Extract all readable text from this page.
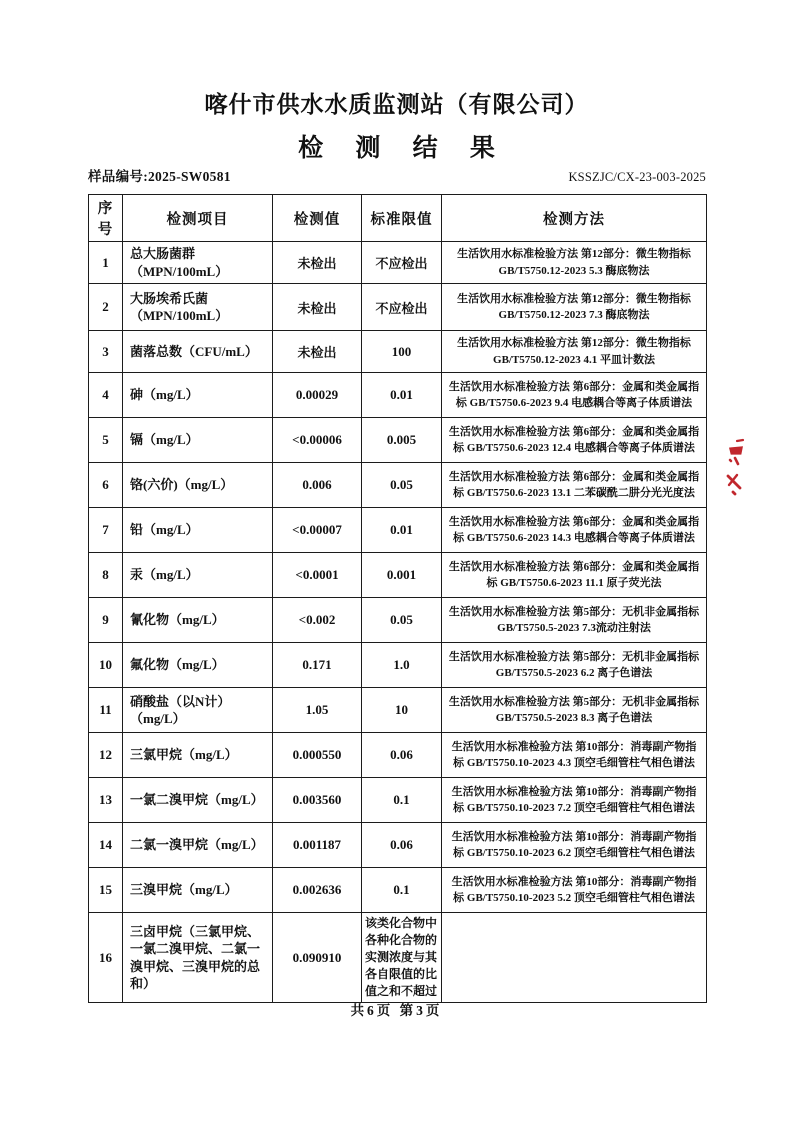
喀什市供水水质监测站（有限公司）
检 测 结 果
样品编号:2025-SW0581	KSSZJC/CX-23-003-2025
序号	检测项目	检测值	标准限值	检测方法
1	总大肠菌群（MPN/100mL）	未检出	不应检出	生活饮用水标准检验方法 第12部分：微生物指标 GB/T5750.12-2023 5.3 酶底物法
2	大肠埃希氏菌 （MPN/100mL）	未检出	不应检出	生活饮用水标准检验方法 第12部分：微生物指标 GB/T5750.12-2023 7.3 酶底物法
3	菌落总数（CFU/mL）	未检出	100	生活饮用水标准检验方法 第12部分：微生物指标GB/T5750.12-2023 4.1 平皿计数法
4	砷（mg/L）	0.00029	0.01	生活饮用水标准检验方法 第6部分：金属和类金属指标 GB/T5750.6-2023 9.4 电感耦合等离子体质谱法
5	镉（mg/L）	<0.00006	0.005	生活饮用水标准检验方法 第6部分：金属和类金属指标 GB/T5750.6-2023 12.4 电感耦合等离子体质谱法
6	铬(六价)（mg/L）	0.006	0.05	生活饮用水标准检验方法 第6部分：金属和类金属指标 GB/T5750.6-2023 13.1 二苯碳酰二肼分光光度法
7	铅（mg/L）	<0.00007	0.01	生活饮用水标准检验方法 第6部分：金属和类金属指标 GB/T5750.6-2023 14.3 电感耦合等离子体质谱法
8	汞（mg/L）	<0.0001	0.001	生活饮用水标准检验方法 第6部分：金属和类金属指标 GB/T5750.6-2023 11.1 原子荧光法
9	氰化物（mg/L）	<0.002	0.05	生活饮用水标准检验方法 第5部分：无机非金属指标 GB/T5750.5-2023 7.3流动注射法
10	氟化物（mg/L）	0.171	1.0	生活饮用水标准检验方法 第5部分：无机非金属指标 GB/T5750.5-2023 6.2 离子色谱法
11	硝酸盐（以N计） （mg/L）	1.05	10	生活饮用水标准检验方法 第5部分：无机非金属指标 GB/T5750.5-2023 8.3 离子色谱法
12	三氯甲烷（mg/L）	0.000550	0.06	生活饮用水标准检验方法 第10部分：消毒副产物指标 GB/T5750.10-2023 4.3 顶空毛细管柱气相色谱法
13	一氯二溴甲烷（mg/L）	0.003560	0.1	生活饮用水标准检验方法 第10部分：消毒副产物指标 GB/T5750.10-2023 7.2 顶空毛细管柱气相色谱法
14	二氯一溴甲烷（mg/L）	0.001187	0.06	生活饮用水标准检验方法 第10部分：消毒副产物指标 GB/T5750.10-2023 6.2 顶空毛细管柱气相色谱法
15	三溴甲烷（mg/L）	0.002636	0.1	生活饮用水标准检验方法 第10部分：消毒副产物指标 GB/T5750.10-2023 5.2 顶空毛细管柱气相色谱法
16	三卤甲烷（三氯甲烷、一氯二溴甲烷、二氯一溴甲烷、三溴甲烷的总和）	0.090910	该类化合物中各种化合物的实测浓度与其各自限值的比值之和不超过	
共6页 第3页
